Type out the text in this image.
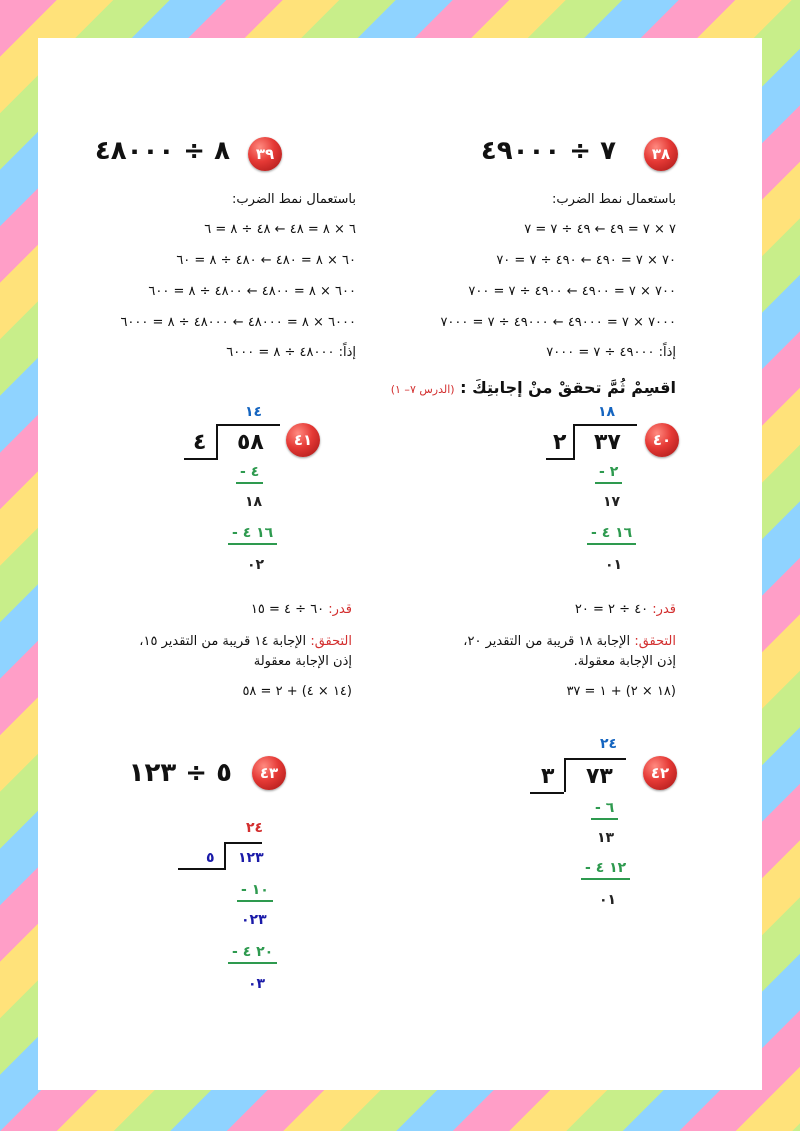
٣٨
٧ ÷ ٤٩٠٠٠
باستعمال نمط الضرب:
٧ × ٧ = ٤٩ ← ٤٩ ÷ ٧ = ٧
٧٠ × ٧ = ٤٩٠ ← ٤٩٠ ÷ ٧ = ٧٠
٧٠٠ × ٧ = ٤٩٠٠ ← ٤٩٠٠ ÷ ٧ = ٧٠٠
٧٠٠٠ × ٧ = ٤٩٠٠٠ ← ٤٩٠٠٠ ÷ ٧ = ٧٠٠٠
إذاً: ٤٩٠٠٠ ÷ ٧ = ٧٠٠٠
٣٩
٨ ÷ ٤٨٠٠٠
باستعمال نمط الضرب:
٦ × ٨ = ٤٨ ← ٤٨ ÷ ٨ = ٦
٦٠ × ٨ = ٤٨٠ ← ٤٨٠ ÷ ٨ = ٦٠
٦٠٠ × ٨ = ٤٨٠٠ ← ٤٨٠٠ ÷ ٨ = ٦٠٠
٦٠٠٠ × ٨ = ٤٨٠٠٠ ← ٤٨٠٠٠ ÷ ٨ = ٦٠٠٠
إذاً: ٤٨٠٠٠ ÷ ٨ = ٦٠٠٠
اقسِمْ ثُمَّ تحققْ منْ إجابتِكَ : (الدرس ٧– ١)
٤٠
١٨
٣٧
٢
٢ -
١٧
١٦ ٤ -
٠١
قدر: ٤٠ ÷ ٢ = ٢٠
التحقق: الإجابة ١٨ قريبة من التقدير ٢٠،
إذن الإجابة معقولة.
(١٨ × ٢) + ١ = ٣٧
٤١
١٤
٥٨
٤
٤ -
١٨
١٦ ٤ -
٠٢
قدر: ٦٠ ÷ ٤ = ١٥
التحقق: الإجابة ١٤ قريبة من التقدير ١٥،
إذن الإجابة معقولة
(١٤ × ٤) + ٢ = ٥٨
٤٢
٢٤
٧٣
٣
٦ -
١٣
١٢ ٤ -
٠١
٤٣
٥ ÷ ١٢٣
٢٤
١٢٣
٥
١٠ -
٠٢٣
٢٠ ٤ -
٠٣
